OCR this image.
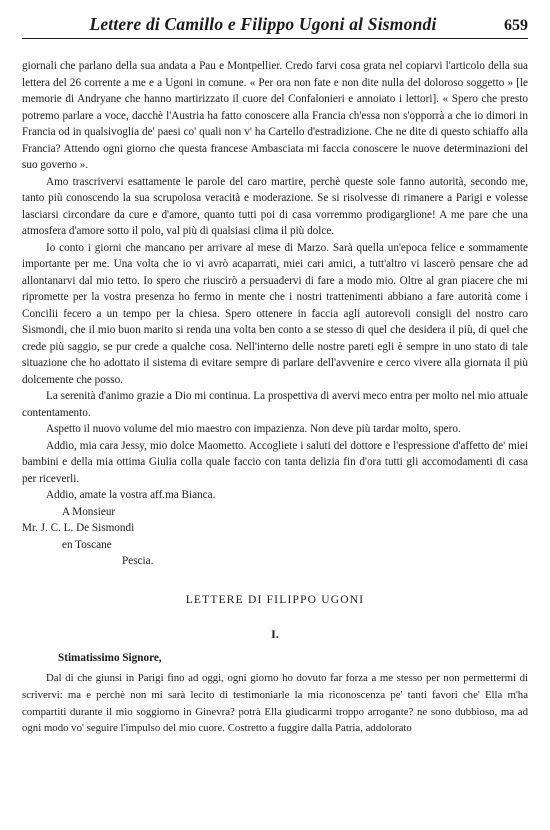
Lettere di Camillo e Filippo Ugoni al Sismondi	659

giornali che parlano della sua andata a Pau e Montpellier. Credo farvi cosa grata nel copiarvi l'articolo della sua lettera del 26 corrente a me e a Ugoni in comune. « Per ora non fate e non dite nulla del doloroso soggetto » [le memorie di Andryane che hanno martirizzato il cuore del Confalonieri e annoiato i lettori]. « Spero che presto potremo parlare a voce, dacchè l'Austria ha fatto conoscere alla Francia ch'essa non s'opporrà a che io dimori in Francia od in qualsivoglia de' paesi co' quali non v' ha Cartello d'estradizione. Che ne dite di questo schiaffo alla Francia? Attendo ogni giorno che questa francese Ambasciata mi faccia conoscere le nuove determinazioni del suo governo ».

Amo trascrivervi esattamente le parole del caro martire, perchè queste sole fanno autorità, secondo me, tanto più conoscendo la sua scrupolosa veracità e moderazione. Se si risolvesse di rimanere a Parigi e volesse lasciarsi circondare da cure e d'amore, quanto tutti poi di casa vorremmo prodigarglione! A me pare che una atmosfera d'amore sotto il polo, val più di qualsiasi clima il più dolce.

Io conto i giorni che mancano per arrivare al mese di Marzo. Sarà quella un'epoca felice e sommamente importante per me. Una volta che io vi avrò acaparrati, miei cari amici, a tutt'altro vi lascerò pensare che ad allontanarvi dal mio tetto. Io spero che riuscirò a persuadervi di fare a modo mio. Oltre al gran piacere che mi ripromette per la vostra presenza ho fermo in mente che i nostri trattenimenti abbiano a fare autorità come i Concilii fecero a un tempo per la chiesa. Spero ottenere in faccia agli autorevoli consigli del nostro caro Sismondi, che il mio buon marito si renda una volta ben conto a se stesso di quel che desidera il più, di quel che crede più saggio, se pur crede a qualche cosa. Nell'interno delle nostre pareti egli è sempre in uno stato di tale situazione che ho adottato il sistema di evitare sempre di parlare dell'avvenire e cerco vivere alla giornata il più dolcemente che posso.

La serenità d'animo grazie a Dio mi continua. La prospettiva di avervi meco entra per molto nel mio attuale contentamento.

Aspetto il nuovo volume del mio maestro con impazienza. Non deve più tardar molto, spero.

Addio, mia cara Jessy, mio dolce Maometto. Accogliete i saluti del dottore e l'espressione d'affetto de' miei bambini e della mia ottima Giulia colla quale faccio con tanta delizia fin d'ora tutti gli accomodamenti di casa per riceverli.

Addio, amate la vostra aff.ma Bianca.

A Monsieur

Mr. J. C. L. De Sismondi

en Toscane

Pescia.

LETTERE DI FILIPPO UGONI
I.
Stimatissimo Signore,

Dal dì che giunsi in Parigi fino ad oggi, ogni giorno ho dovuto far forza a me stesso per non permettermi di scrivervi: ma e perchè non mi sarà lecito di testimoniarle la mia riconoscenza pe' tanti favori che' Ella m'ha compartiti durante il mio soggiorno in Ginevra? potrà Ella giudicarmi troppo arrogante? ne sono dubbioso, ma ad ogni modo vo' seguire l'impulso del mio cuore. Costretto a fuggire dalla Patria, addolorato
